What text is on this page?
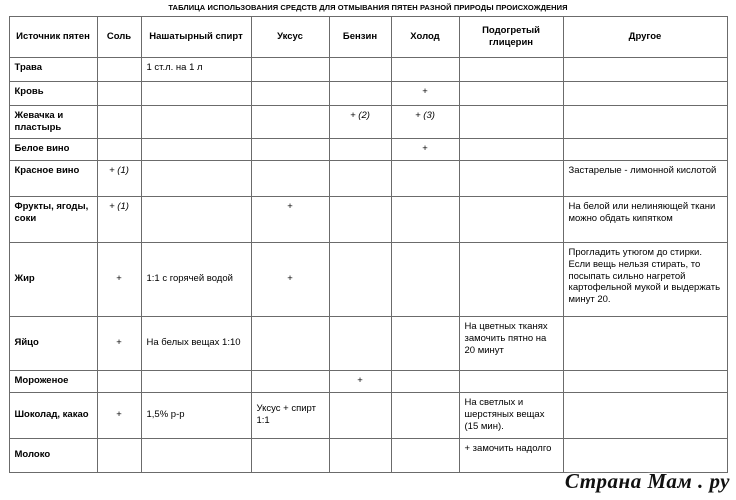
ТАБЛИЦА ИСПОЛЬЗОВАНИЯ СРЕДСТВ ДЛЯ ОТМЫВАНИЯ ПЯТЕН РАЗНОЙ ПРИРОДЫ ПРОИСХОЖДЕНИЯ
Источник пятен	Соль	Нашатырный спирт	Уксус	Бензин	Холод	Подогретый глицерин	Другое
Трава		1 ст.л. на 1 л					
Кровь					+		
Жевачка и пластырь				+ (2)	+ (3)		
Белое вино					+		
Красное вино	+ (1)						Застарелые - лимонной кислотой
Фрукты, ягоды, соки	+ (1)		+				На белой или нелиняющей ткани можно обдать кипятком
Жир	+	1:1 с горячей водой	+				Прогладить утюгом до стирки. Если вещь нельзя стирать, то посыпать сильно нагретой картофельной мукой и выдержать минут 20.
Яйцо	+	На белых вещах 1:10				На цветных тканях замочить пятно на 20 минут	
Мороженое				+			
Шоколад, какао	+	1,5% р-р	Уксус + спирт 1:1			На светлых и шерстяных вещах (15 мин).	
Молоко						+ замочить надолго	
Страна Мам . ру
